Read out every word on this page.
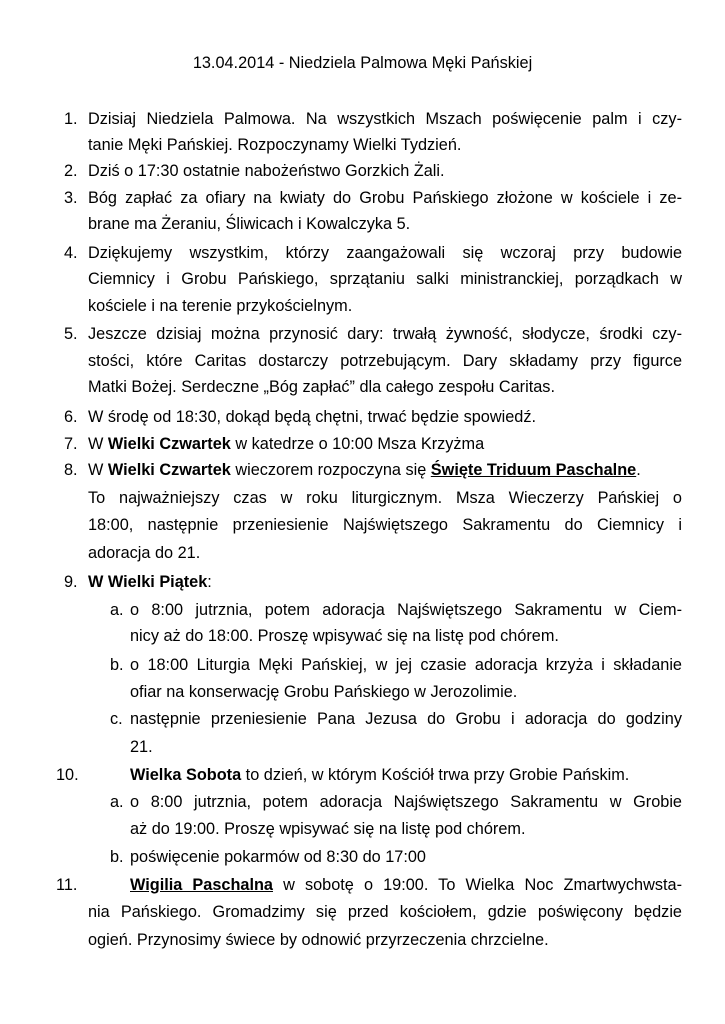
13.04.2014 - Niedziela Palmowa Męki Pańskiej
1. Dzisiaj Niedziela Palmowa. Na wszystkich Mszach poświęcenie palm i czy-
tanie Męki Pańskiej. Rozpoczynamy Wielki Tydzień.
2. Dziś o 17:30 ostatnie nabożeństwo Gorzkich Żali.
3. Bóg zapłać za ofiary na kwiaty do Grobu Pańskiego złożone w kościele i ze-
brane ma Żeraniu, Śliwicach i Kowalczyka 5.
4. Dziękujemy wszystkim, którzy zaangażowali się wczoraj przy budowie
Ciemnicy i Grobu Pańskiego, sprzątaniu salki ministranckiej, porządkach w
kościele i na terenie przykościelnym.
5. Jeszcze dzisiaj można przynosić dary: trwałą żywność, słodycze, środki czy-
stości, które Caritas dostarczy potrzebującym. Dary składamy przy figurce
Matki Bożej. Serdeczne „Bóg zapłać” dla całego zespołu Caritas.
6. W środę od 18:30, dokąd będą chętni, trwać będzie spowiedź.
7. W Wielki Czwartek w katedrze o 10:00 Msza Krzyżma
8. W Wielki Czwartek wieczorem rozpoczyna się Święte Triduum Paschalne.
To najważniejszy czas w roku liturgicznym. Msza Wieczerzy Pańskiej o
18:00, następnie przeniesienie Najświętszego Sakramentu do Ciemnicy i
adoracja do 21.
9. W Wielki Piątek:
a. o 8:00 jutrznia, potem adoracja Najświętszego Sakramentu w Ciem-
nicy aż do 18:00. Proszę wpisywać się na listę pod chórem.
b. o 18:00 Liturgia Męki Pańskiej, w jej czasie adoracja krzyża i składanie
ofiar na konserwację Grobu Pańskiego w Jerozolimie.
c. następnie przeniesienie Pana Jezusa do Grobu i adoracja do godziny
21.
10.	Wielka Sobota to dzień, w którym Kościół trwa przy Grobie Pańskim.
a. o 8:00 jutrznia, potem adoracja Najświętszego Sakramentu w Grobie
aż do 19:00. Proszę wpisywać się na listę pod chórem.
b. poświęcenie pokarmów od 8:30 do 17:00
11.	Wigilia Paschalna w sobotę o 19:00. To Wielka Noc Zmartwychwsta-
nia Pańskiego. Gromadzimy się przed kościołem, gdzie poświęcony będzie
ogień. Przynosimy świece by odnowić przyrzeczenia chrzcielne.
